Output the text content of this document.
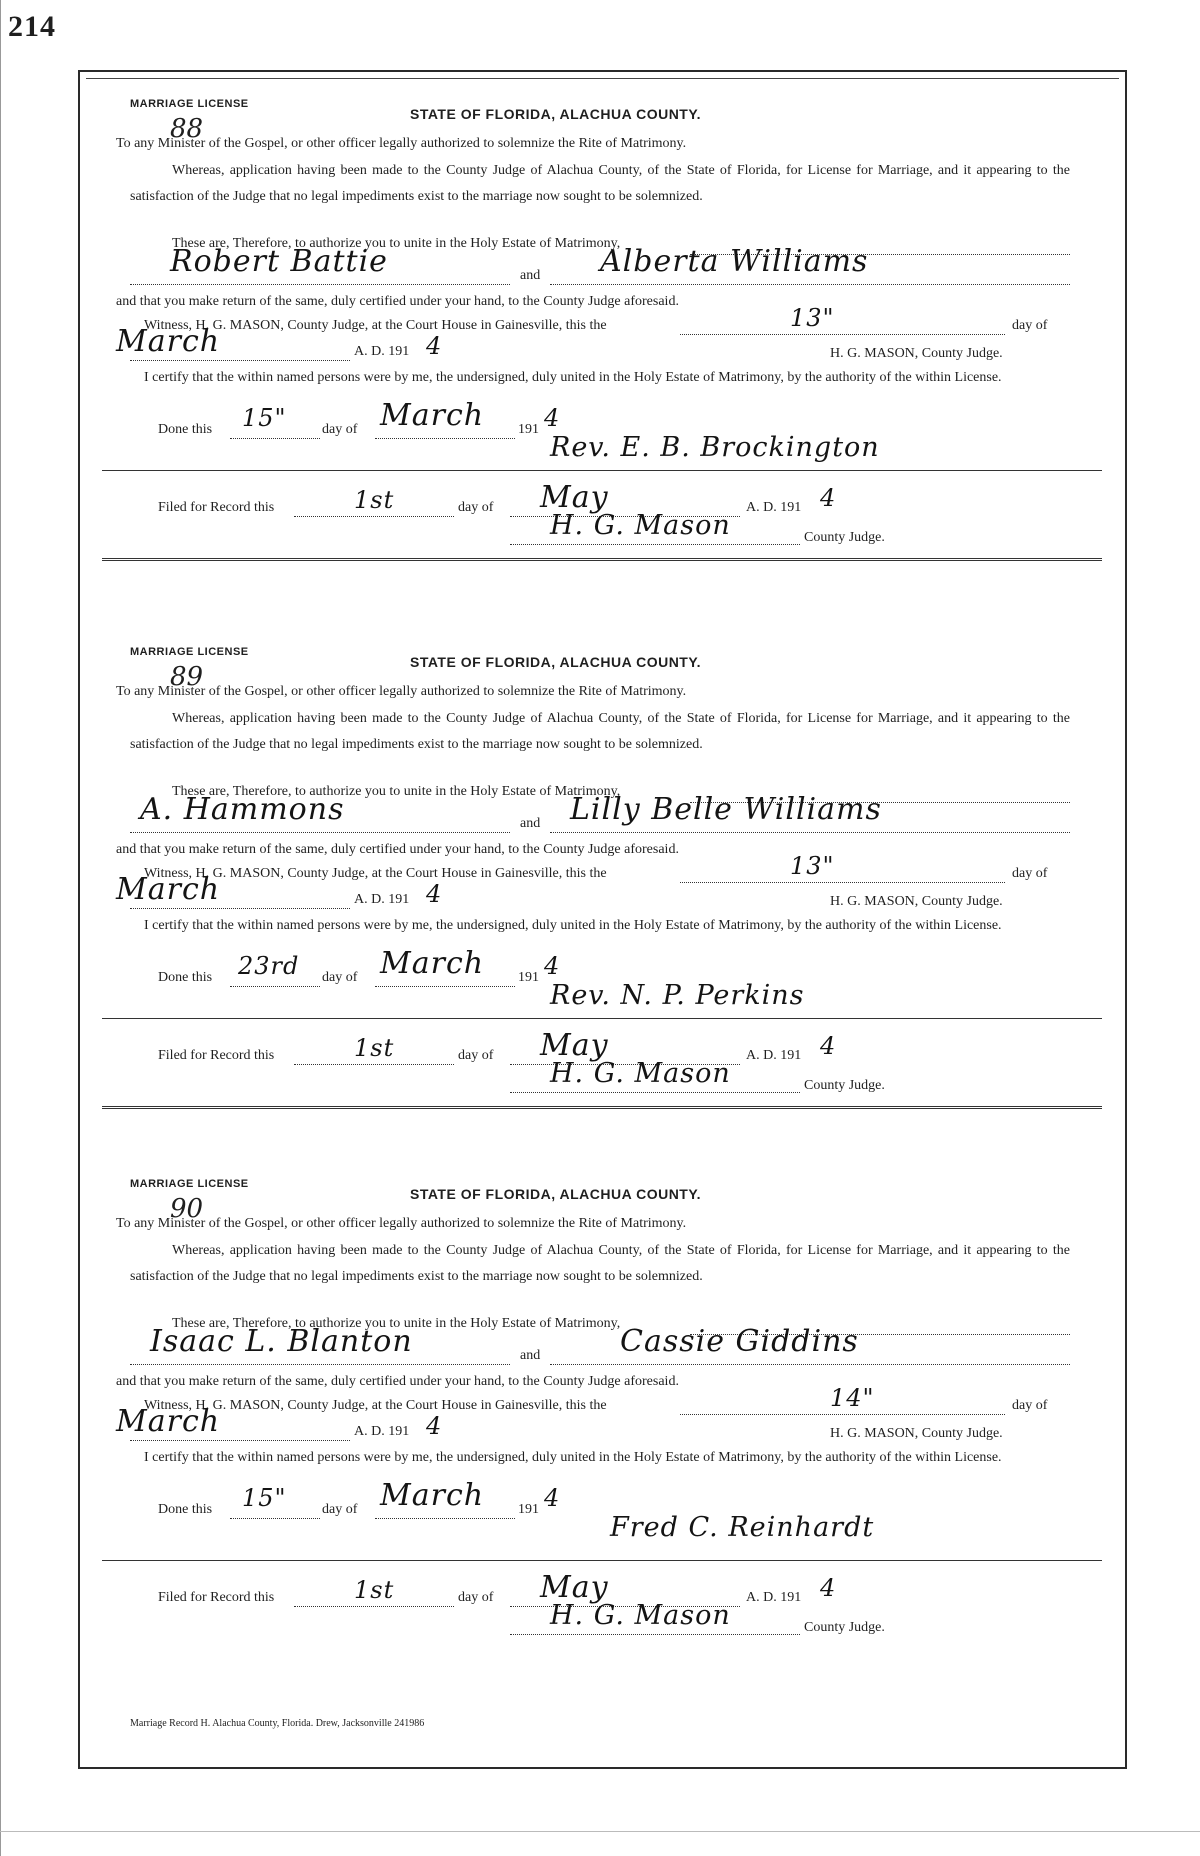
214
MARRIAGE LICENSE
88	STATE OF FLORIDA, ALACHUA COUNTY.
To any Minister of the Gospel, or other officer legally authorized to solemnize the Rite of Matrimony.
Whereas, application having been made to the County Judge of Alachua County, of the State of Florida, for License for Marriage, and it appearing to the satisfaction of the Judge that no legal impediments exist to the marriage now sought to be solemnized.
These are, Therefore, to authorize you to unite in the Holy Estate of Matrimony,
Robert Battie	and Alberta Williams
and that you make return of the same, duly certified under your hand, to the County Judge aforesaid.
Witness, H. G. MASON, County Judge, at the Court House in Gainesville, this the	13"	day of
March	A. D. 191 4	H. G. MASON, County Judge.
I certify that the within named persons were by me, the undersigned, duly united in the Holy Estate of Matrimony, by the authority of the within License.
Done this 15"	day of March 191 4
Rev. E. B. Brockington
Filed for Record this	1st	day of May	A. D. 191 4
H. G. Mason	County Judge.
MARRIAGE LICENSE
89	STATE OF FLORIDA, ALACHUA COUNTY.
To any Minister of the Gospel, or other officer legally authorized to solemnize the Rite of Matrimony.
Whereas, application having been made to the County Judge of Alachua County, of the State of Florida, for License for Marriage, and it appearing to the satisfaction of the Judge that no legal impediments exist to the marriage now sought to be solemnized.
These are, Therefore, to authorize you to unite in the Holy Estate of Matrimony,
A. Hammons	and Lilly Belle Williams
and that you make return of the same, duly certified under your hand, to the County Judge aforesaid.
Witness, H. G. MASON, County Judge, at the Court House in Gainesville, this the	13"	day of
March	A. D. 191 4	H. G. MASON, County Judge.
I certify that the within named persons were by me, the undersigned, duly united in the Holy Estate of Matrimony, by the authority of the within License.
Done this 23rd day of March 191 4
Rev. N. P. Perkins
Filed for Record this	1st	day of May	A. D. 191 4
H. G. Mason	County Judge.
MARRIAGE LICENSE
90	STATE OF FLORIDA, ALACHUA COUNTY.
To any Minister of the Gospel, or other officer legally authorized to solemnize the Rite of Matrimony.
Whereas, application having been made to the County Judge of Alachua County, of the State of Florida, for License for Marriage, and it appearing to the satisfaction of the Judge that no legal impediments exist to the marriage now sought to be solemnized.
These are, Therefore, to authorize you to unite in the Holy Estate of Matrimony,
Isaac L. Blanton	and	Cassie Giddins
and that you make return of the same, duly certified under your hand, to the County Judge aforesaid.
Witness, H. G. MASON, County Judge, at the Court House in Gainesville, this the	14"	day of
March	A. D. 191 4	H. G. MASON, County Judge.
I certify that the within named persons were by me, the undersigned, duly united in the Holy Estate of Matrimony, by the authority of the within License.
Done this 15"	day of March 191 4
Fred C. Reinhardt
Filed for Record this	1st	day of May	A. D. 191 4
H. G. Mason	County Judge.
Marriage Record H. Alachua County, Florida. Drew, Jacksonville 241986
